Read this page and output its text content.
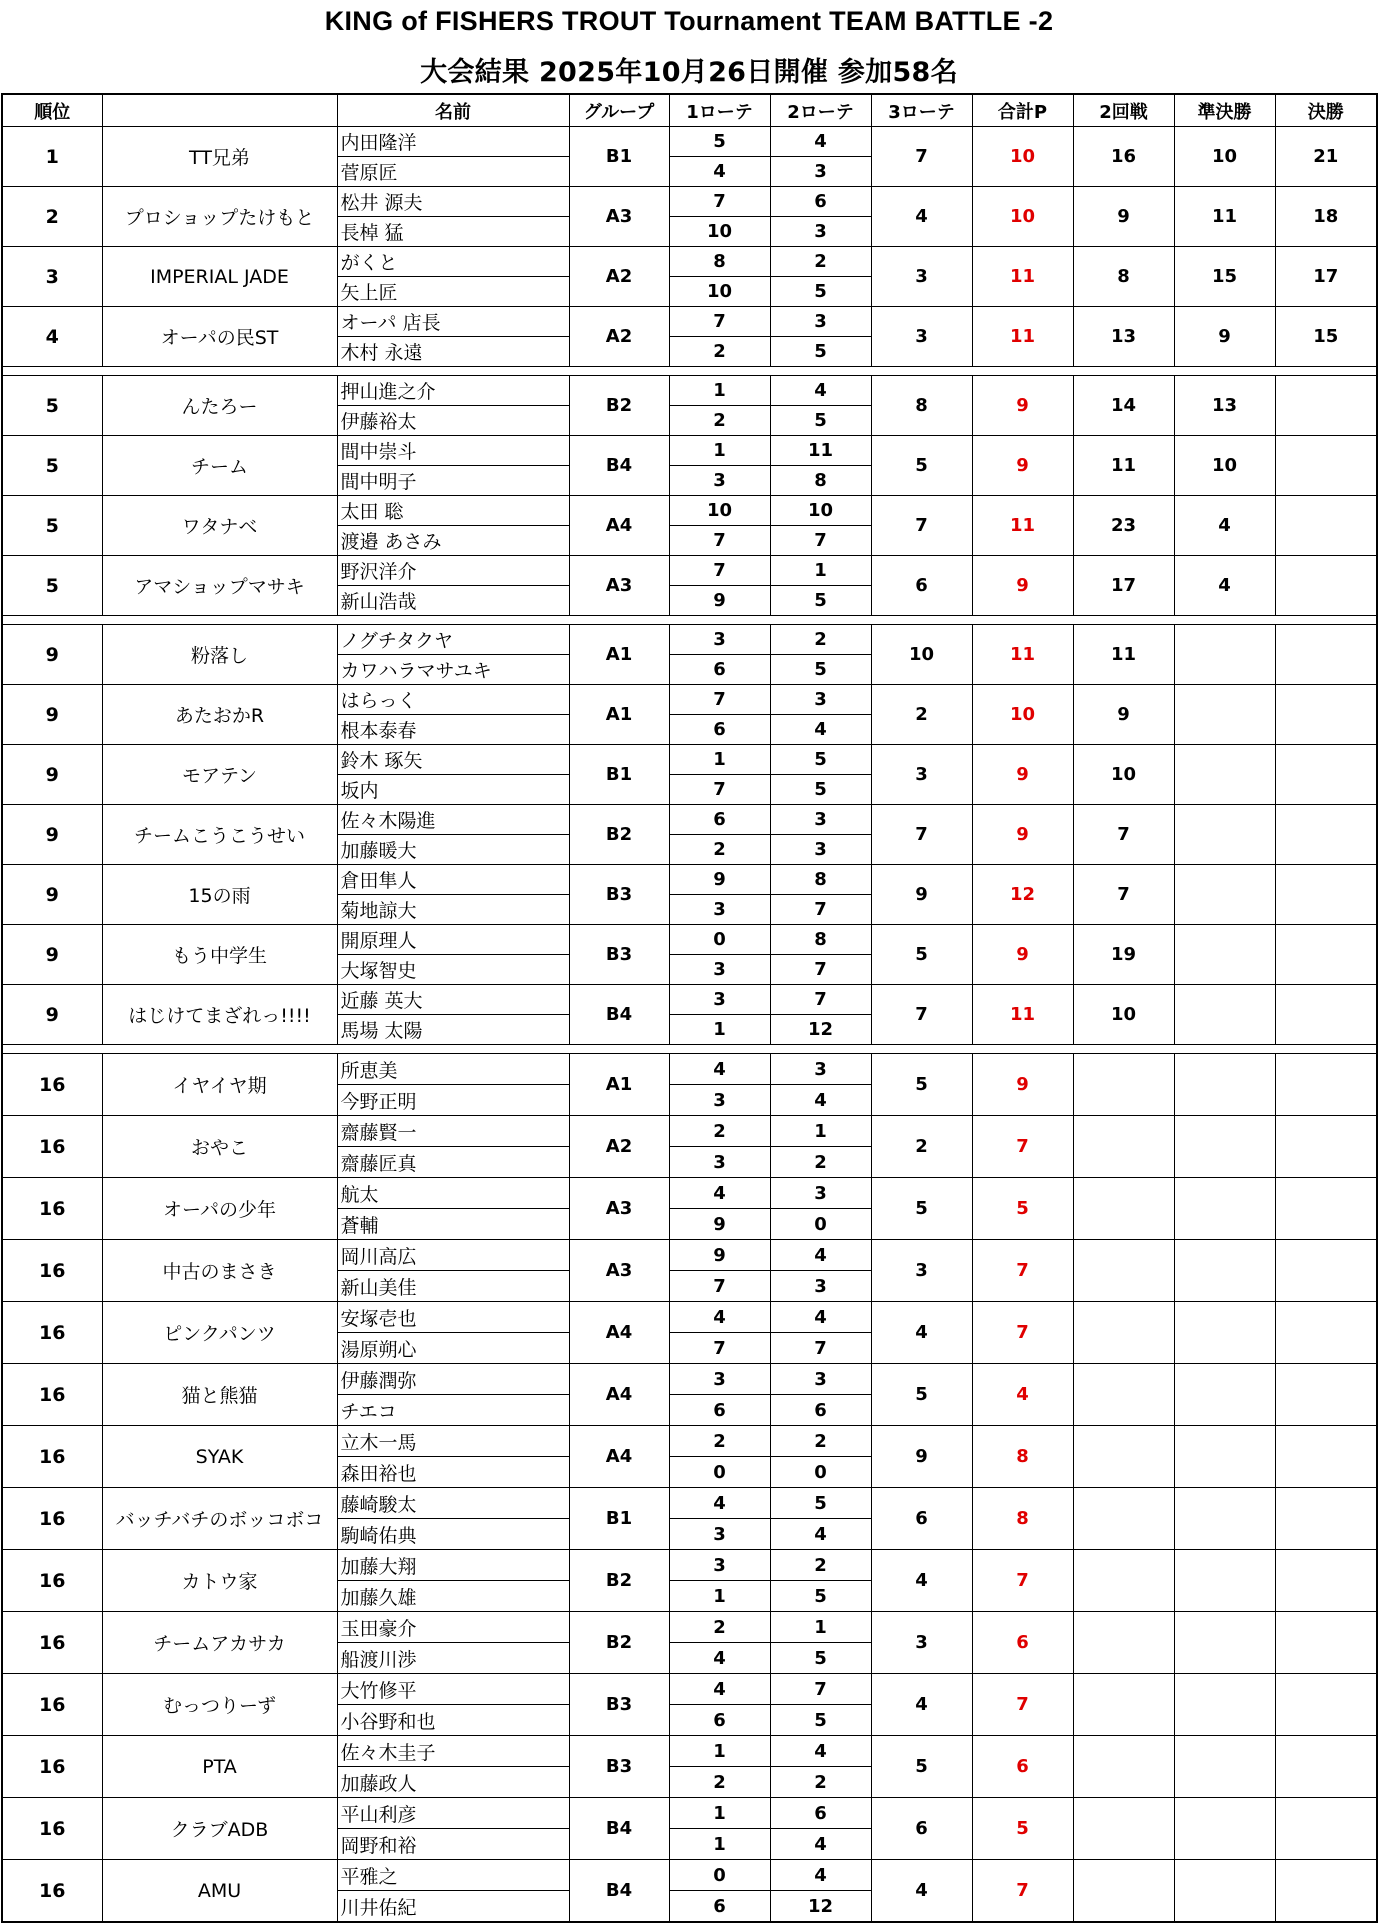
KING of FISHERS TROUT Tournament TEAM BATTLE -2
大会結果 2025年10月26日開催 参加58名
順位		名前	グループ	1ローテ	2ローテ	3ローテ	合計P	2回戦	準決勝	決勝
1	TT兄弟	内田隆洋	B1	5	4	7	10	16	10	21
		菅原匠		4	3					
2	プロショップたけもと	松井 源夫	A3	7	6	4	10	9	11	18
		長棹 猛		10	3					
3	IMPERIAL JADE	がくと	A2	8	2	3	11	8	15	17
		矢上匠		10	5					
4	オーパの民ST	オーパ 店長	A2	7	3	3	11	13	9	15
		木村 永遠		2	5					

5	んたろー	押山進之介	B2	1	4	8	9	14	13	
		伊藤裕太		2	5					
5	チーム	間中崇斗	B4	1	11	5	9	11	10	
		間中明子		3	8					
5	ワタナベ	太田 聡	A4	10	10	7	11	23	4	
		渡邉 あさみ		7	7					
5	アマショップマサキ	野沢洋介	A3	7	1	6	9	17	4	
		新山浩哉		9	5					

9	粉落し	ノグチタクヤ	A1	3	2	10	11	11		
		カワハラマサユキ		6	5					
9	あたおかR	はらっく	A1	7	3	2	10	9		
		根本泰春		6	4					
9	モアテン	鈴木 琢矢	B1	1	5	3	9	10		
		坂内		7	5					
9	チームこうこうせい	佐々木陽進	B2	6	3	7	9	7		
		加藤暖大		2	3					
9	15の雨	倉田隼人	B3	9	8	9	12	7		
		菊地諒大		3	7					
9	もう中学生	開原理人	B3	0	8	5	9	19		
		大塚智史		3	7					
9	はじけてまざれっ!!!!	近藤 英大	B4	3	7	7	11	10		
		馬場 太陽		1	12					

16	イヤイヤ期	所恵美	A1	4	3	5	9			
		今野正明		3	4					
16	おやこ	齋藤賢一	A2	2	1	2	7			
		齋藤匠真		3	2					
16	オーパの少年	航太	A3	4	3	5	5			
		蒼輔		9	0					
16	中古のまさき	岡川高広	A3	9	4	3	7			
		新山美佳		7	3					
16	ピンクパンツ	安塚壱也	A4	4	4	4	7			
		湯原朔心		7	7					
16	猫と熊猫	伊藤潤弥	A4	3	3	5	4			
		チエコ		6	6					
16	SYAK	立木一馬	A4	2	2	9	8			
		森田裕也		0	0					
16	バッチバチのボッコボコ	藤崎駿太	B1	4	5	6	8			
		駒崎佑典		3	4					
16	カトウ家	加藤大翔	B2	3	2	4	7			
		加藤久雄		1	5					
16	チームアカサカ	玉田豪介	B2	2	1	3	6			
		船渡川渉		4	5					
16	むっつりーず	大竹修平	B3	4	7	4	7			
		小谷野和也		6	5					
16	PTA	佐々木圭子	B3	1	4	5	6			
		加藤政人		2	2					
16	クラブADB	平山利彦	B4	1	6	6	5			
		岡野和裕		1	4					
16	AMU	平雅之	B4	0	4	4	7			
		川井佑紀		6	12					
